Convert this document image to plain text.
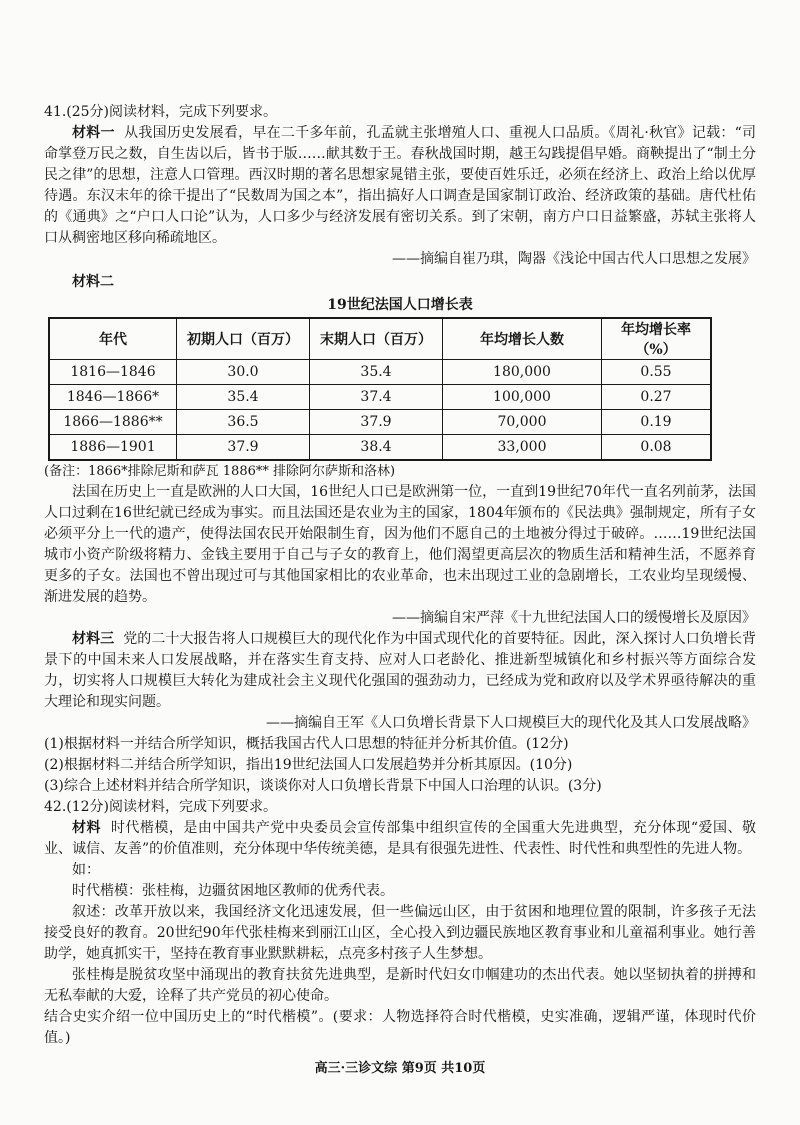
41.(25分)阅读材料，完成下列要求。

材料一 从我国历史发展看，早在二千多年前，孔孟就主张增殖人口、重视人口品质。《周礼·秋官》记载：“司命掌登万民之数，自生齿以后，皆书于版……献其数于王。春秋战国时期，越王勾践提倡早婚。商鞅提出了“制土分民之律”的思想，注意人口管理。西汉时期的著名思想家晁错主张，要使百姓乐迁，必须在经济上、政治上给以优厚待遇。东汉末年的徐干提出了“民数周为国之本”，指出搞好人口调查是国家制订政治、经济政策的基础。唐代杜佑的《通典》之“户口人口论”认为，人口多少与经济发展有密切关系。到了宋朝，南方户口日益繁盛，苏轼主张将人口从稠密地区移向稀疏地区。

——摘编自崔乃琪，陶器《浅论中国古代人口思想之发展》

材料二

19世纪法国人口增长表
年代	初期人口（百万）	末期人口（百万）	年均增长人数	年均增长率（%）
1816—1846	30.0	35.4	180,000	0.55
1846—1866*	35.4	37.4	100,000	0.27
1866—1886**	36.5	37.9	70,000	0.19
1886—1901	37.9	38.4	33,000	0.08

(备注：1866*排除尼斯和萨瓦 1886** 排除阿尔萨斯和洛林)

法国在历史上一直是欧洲的人口大国，16世纪人口已是欧洲第一位，一直到19世纪70年代一直名列前茅，法国人口过剩在16世纪就已经成为事实。而且法国还是农业为主的国家，1804年颁布的《民法典》强制规定，所有子女必须平分上一代的遗产，使得法国农民开始限制生育，因为他们不愿自己的土地被分得过于破碎。……19世纪法国城市小资产阶级将精力、金钱主要用于自己与子女的教育上，他们渴望更高层次的物质生活和精神生活，不愿养育更多的子女。法国也不曾出现过可与其他国家相比的农业革命，也未出现过工业的急剧增长，工农业均呈现缓慢、渐进发展的趋势。

——摘编自宋严萍《十九世纪法国人口的缓慢增长及原因》

材料三 党的二十大报告将人口规模巨大的现代化作为中国式现代化的首要特征。因此，深入探讨人口负增长背景下的中国未来人口发展战略，并在落实生育支持、应对人口老龄化、推进新型城镇化和乡村振兴等方面综合发力，切实将人口规模巨大转化为建成社会主义现代化强国的强劲动力，已经成为党和政府以及学术界亟待解决的重大理论和现实问题。

——摘编自王军《人口负增长背景下人口规模巨大的现代化及其人口发展战略》

(1)根据材料一并结合所学知识，概括我国古代人口思想的特征并分析其价值。(12分)

(2)根据材料二并结合所学知识，指出19世纪法国人口发展趋势并分析其原因。(10分)

(3)综合上述材料并结合所学知识，谈谈你对人口负增长背景下中国人口治理的认识。(3分)

42.(12分)阅读材料，完成下列要求。

材料 时代楷模，是由中国共产党中央委员会宣传部集中组织宣传的全国重大先进典型，充分体现“爱国、敬业、诚信、友善”的价值准则，充分体现中华传统美德，是具有很强先进性、代表性、时代性和典型性的先进人物。

如：

时代楷模：张桂梅，边疆贫困地区教师的优秀代表。

叙述：改革开放以来，我国经济文化迅速发展，但一些偏远山区，由于贫困和地理位置的限制，许多孩子无法接受良好的教育。20世纪90年代张桂梅来到丽江山区，全心投入到边疆民族地区教育事业和儿童福利事业。她行善助学，她真抓实干，坚持在教育事业默默耕耘，点亮多村孩子人生梦想。

张桂梅是脱贫攻坚中涌现出的教育扶贫先进典型，是新时代妇女巾帼建功的杰出代表。她以坚韧执着的拼搏和无私奉献的大爱，诠释了共产党员的初心使命。

结合史实介绍一位中国历史上的“时代楷模”。(要求：人物选择符合时代楷模，史实准确，逻辑严谨，体现时代价值。)

高三·三诊文综 第9页 共10页
